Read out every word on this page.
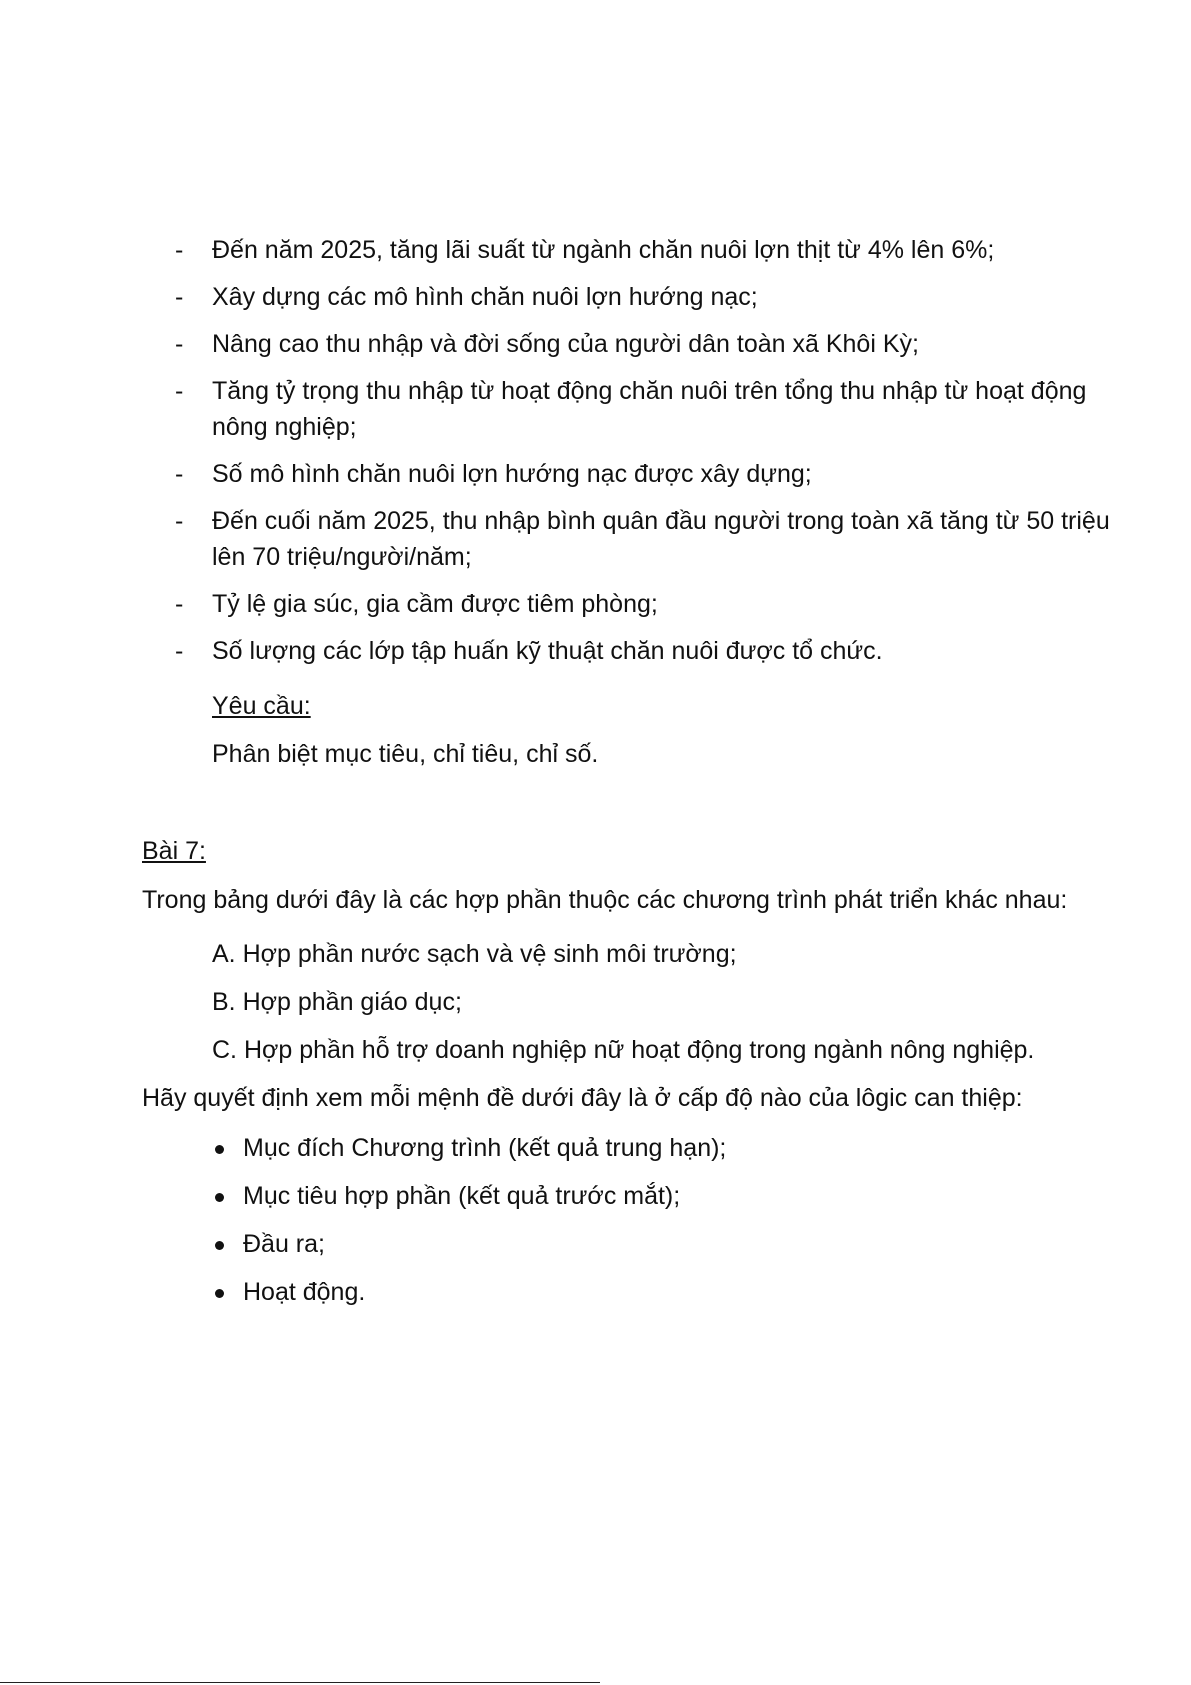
- Đến năm 2025, tăng lãi suất từ ngành chăn nuôi lợn thịt từ 4% lên 6%;
- Xây dựng các mô hình chăn nuôi lợn hướng nạc;
- Nâng cao thu nhập và đời sống của người dân toàn xã Khôi Kỳ;
- Tăng tỷ trọng thu nhập từ hoạt động chăn nuôi trên tổng thu nhập từ hoạt động nông nghiệp;
- Số mô hình chăn nuôi lợn hướng nạc được xây dựng;
- Đến cuối năm 2025, thu nhập bình quân đầu người trong toàn xã tăng từ 50 triệu lên 70 triệu/người/năm;
- Tỷ lệ gia súc, gia cầm được tiêm phòng;
- Số lượng các lớp tập huấn kỹ thuật chăn nuôi được tổ chức.
Yêu cầu:
Phân biệt mục tiêu, chỉ tiêu, chỉ số.
Bài 7:
Trong bảng dưới đây là các hợp phần thuộc các chương trình phát triển khác nhau:
A. Hợp phần nước sạch và vệ sinh môi trường;
B. Hợp phần giáo dục;
C. Hợp phần hỗ trợ doanh nghiệp nữ hoạt động trong ngành nông nghiệp.
Hãy quyết định xem mỗi mệnh đề dưới đây là ở cấp độ nào của lôgic can thiệp:
Mục đích Chương trình (kết quả trung hạn);
Mục tiêu hợp phần (kết quả trước mắt);
Đầu ra;
Hoạt động.
